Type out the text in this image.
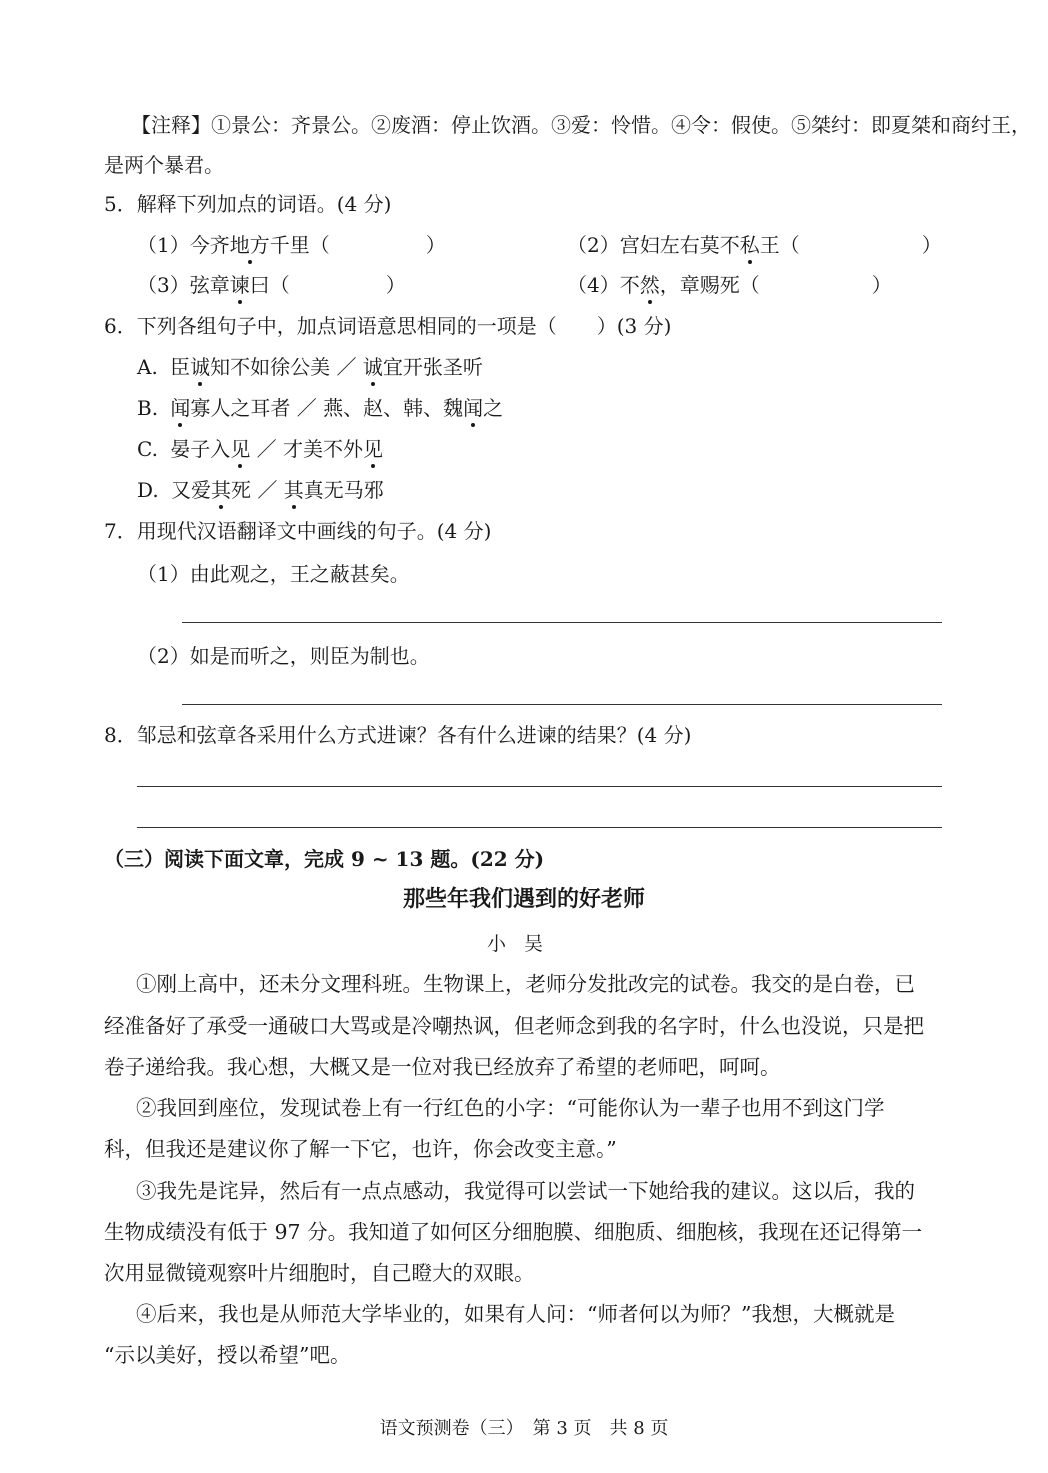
【注释】①景公：齐景公。②废酒：停止饮酒。③爱：怜惜。④令：假使。⑤桀纣：即夏桀和商纣王，
是两个暴君。
5．解释下列加点的词语。(4 分)
（1）今齐地方千里（	）	（2）宫妇左右莫不私王（	）
（3）弦章谏曰（	）	（4）不然，章赐死（	）
6．下列各组句子中，加点词语意思相同的一项是（　　）(3 分)
A. 臣诚知不如徐公美 ／ 诚宜开张圣听
B. 闻寡人之耳者 ／ 燕、赵、韩、魏闻之
C. 晏子入见 ／ 才美不外见
D. 又爱其死 ／ 其真无马邪
7．用现代汉语翻译文中画线的句子。(4 分)
（1）由此观之，王之蔽甚矣。
（2）如是而听之，则臣为制也。
8．邹忌和弦章各采用什么方式进谏？各有什么进谏的结果？(4 分)
（三）阅读下面文章，完成 9 ~ 13 题。(22 分)
那些年我们遇到的好老师
小吴
①刚上高中，还未分文理科班。生物课上，老师分发批改完的试卷。我交的是白卷，已
经准备好了承受一通破口大骂或是冷嘲热讽，但老师念到我的名字时，什么也没说，只是把
卷子递给我。我心想，大概又是一位对我已经放弃了希望的老师吧，呵呵。
②我回到座位，发现试卷上有一行红色的小字：“可能你认为一辈子也用不到这门学
科，但我还是建议你了解一下它，也许，你会改变主意。”
③我先是诧异，然后有一点点感动，我觉得可以尝试一下她给我的建议。这以后，我的
生物成绩没有低于 97 分。我知道了如何区分细胞膜、细胞质、细胞核，我现在还记得第一
次用显微镜观察叶片细胞时，自己瞪大的双眼。
④后来，我也是从师范大学毕业的，如果有人问：“师者何以为师？”我想，大概就是
“示以美好，授以希望”吧。
语文预测卷（三）　第 3 页　共 8 页
